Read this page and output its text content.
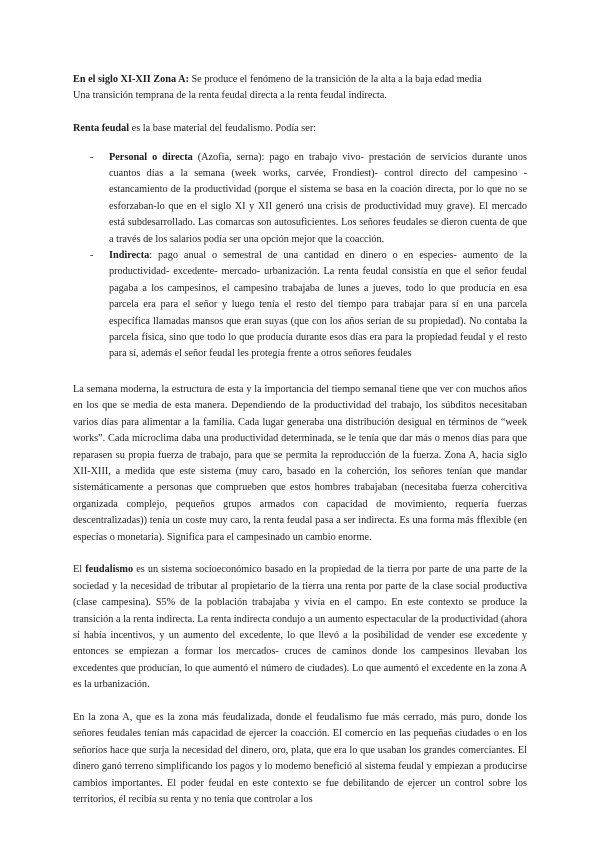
En el siglo XI-XII Zona A: Se produce el fenómeno de la transición de la alta a la baja edad media

Una transición temprana de la renta feudal directa a la renta feudal indirecta.

Renta feudal es la base material del feudalismo. Podía ser:

- Personal o directa (Azofia, serna): pago en trabajo vivo- prestación de servicios durante unos cuantos días a la semana (week works, carvée, Frondiest)- control directo del campesino - estancamiento de la productividad (porque el sistema se basa en la coación directa, por lo que no se esforzaban-lo que en el siglo XI y XII generó una crisis de productividad muy grave). El mercado está subdesarrollado. Las comarcas son autosuficientes. Los señores feudales se dieron cuenta de que a través de los salarios podía ser una opción mejor que la coacción.
- Indirecta: pago anual o semestral de una cantidad en dinero o en especies- aumento de la productividad- excedente- mercado- urbanización. La renta feudal consistía en que el señor feudal pagaba a los campesinos, el campesino trabajaba de lunes a jueves, todo lo que producía en esa parcela era para el señor y luego tenía el resto del tiempo para trabajar para sí en una parcela específica llamadas mansos que eran suyas (que con los años serían de su propiedad). No contaba la parcela física, sino que todo lo que producía durante esos días era para la propiedad feudal y el resto para sí, además el señor feudal les protegía frente a otros señores feudales

La semana moderna, la estructura de esta y la importancia del tiempo semanal tiene que ver con muchos años en los que se media de esta manera. Dependiendo de la productividad del trabajo, los súbditos necesitaban varios días para alimentar a la familia. Cada lugar generaba una distribución desigual en términos de “week works”. Cada microclima daba una productividad determinada, se le tenía que dar más o menos días para que reparasen su propia fuerza de trabajo, para que se permita la reproducción de la fuerza. Zona A, hacia siglo XII-XIII, a medida que este sistema (muy caro, basado en la coherción, los señores tenían que mandar sistemáticamente a personas que comprueben que estos hombres trabajaban (necesitaba fuerza cohercitiva organizada complejo, pequeños grupos armados con capacidad de movimiento, requería fuerzas descentralizadas)) tenía un coste muy caro, la renta feudal pasa a ser indirecta. Es una forma más fflexible (en especias o monetaria). Significa para el campesinado un cambio enorme.

El feudalismo es un sistema socioeconómico basado en la propiedad de la tierra por parte de una parte de la sociedad y la necesidad de tributar al propietario de la tierra una renta por parte de la clase social productiva (clase campesina). S5% de la población trabajaba y vivía en el campo. En este contexto se produce la transición a la renta indirecta. La renta indirecta condujo a un aumento espectacular de la productividad (ahora sí había incentivos, y un aumento del excedente, lo que llevó a la posibilidad de vender ese excedente y entonces se empiezan a formar los mercados- cruces de caminos donde los campesinos llevaban los excedentes que producían, lo que aumentó el número de ciudades). Lo que aumentó el excedente en la zona A es la urbanización.

En la zona A, que es la zona más feudalizada, donde el feudalismo fue más cerrado, más puro, donde los señores feudales tenían más capacidad de ejercer la coacción. El comercio en las pequeñas ciudades o en los señoríos hace que surja la necesidad del dinero, oro, plata, que era lo que usaban los grandes comerciantes. El dinero ganó terreno simplificando los pagos y lo modemo benefició al sistema feudal y empiezan a producirse cambios importantes. El poder feudal en este contexto se fue debilitando de ejercer un control sobre los territorios, él recibía su renta y no tenía que controlar a los
